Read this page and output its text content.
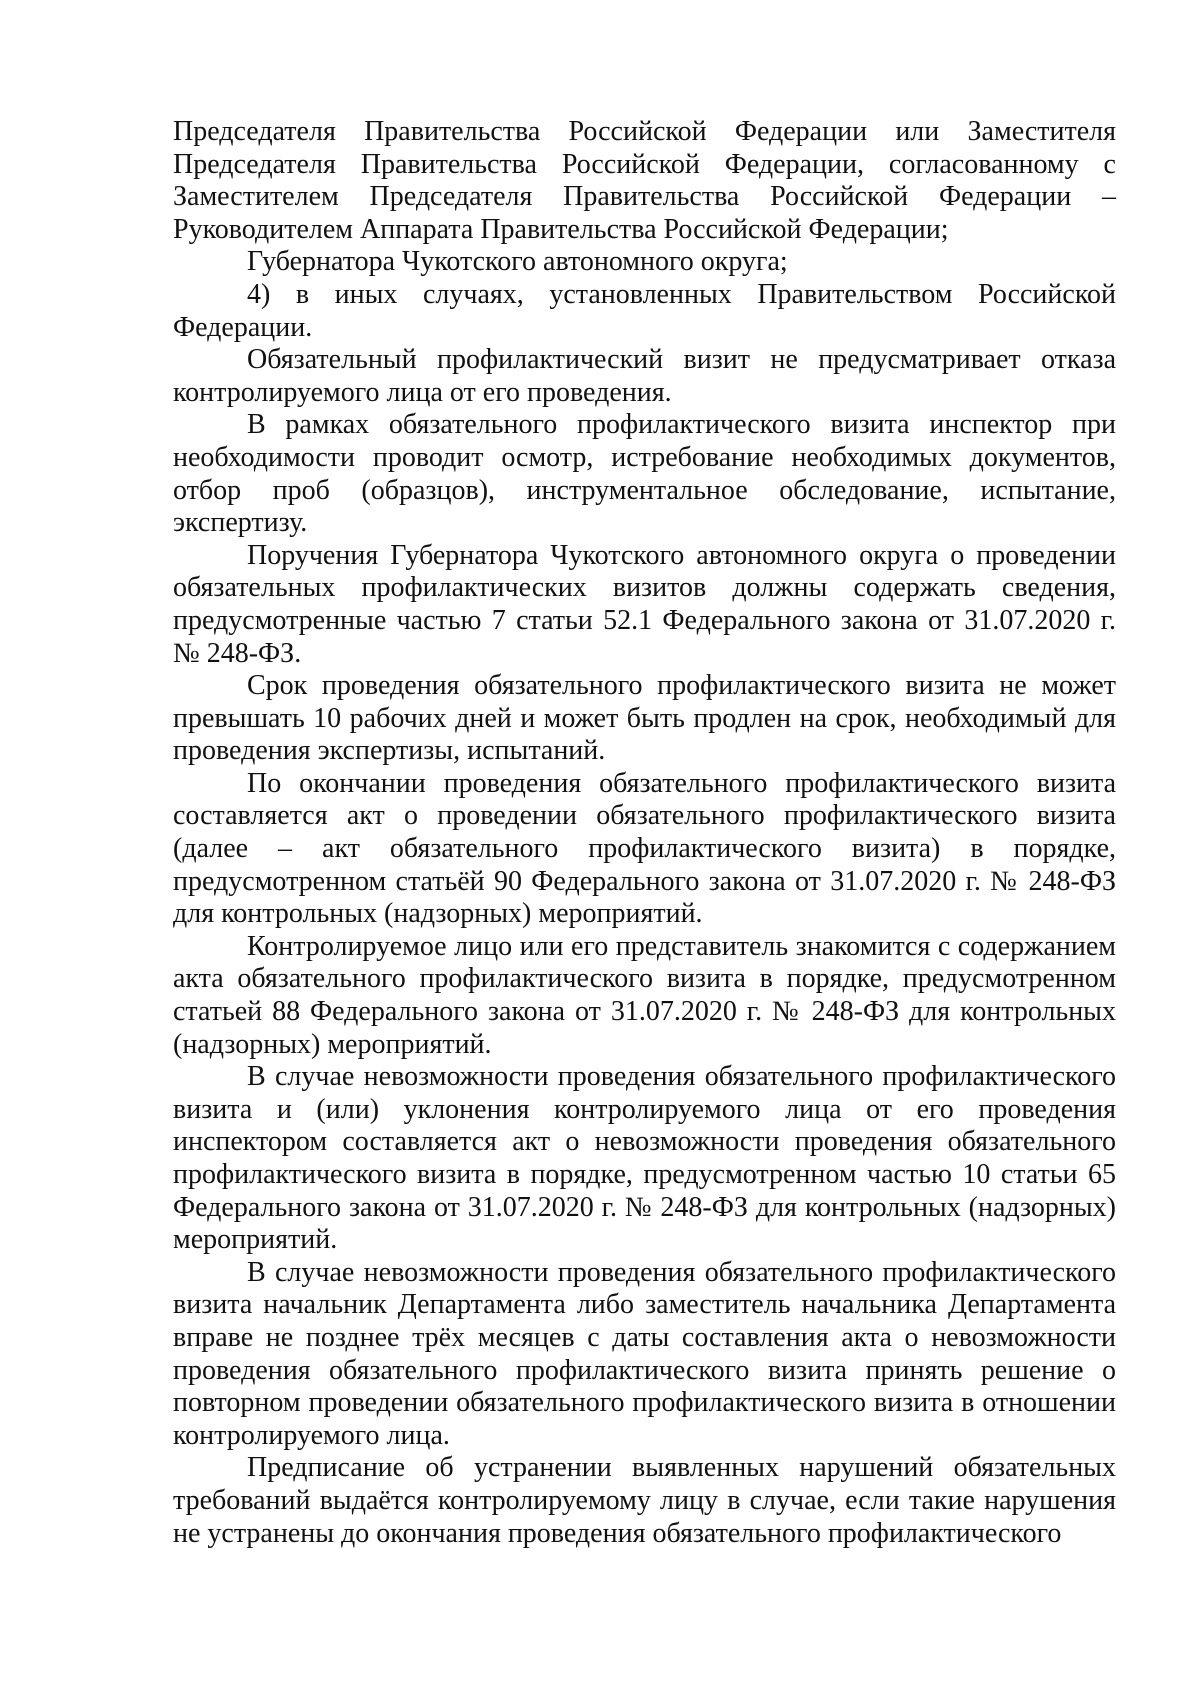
Председателя Правительства Российской Федерации или Заместителя Председателя Правительства Российской Федерации, согласованному с Заместителем Председателя Правительства Российской Федерации – Руководителем Аппарата Правительства Российской Федерации;

Губернатора Чукотского автономного округа;

4) в иных случаях, установленных Правительством Российской Федерации.

Обязательный профилактический визит не предусматривает отказа контролируемого лица от его проведения.

В рамках обязательного профилактического визита инспектор при необходимости проводит осмотр, истребование необходимых документов, отбор проб (образцов), инструментальное обследование, испытание, экспертизу.

Поручения Губернатора Чукотского автономного округа о проведении обязательных профилактических визитов должны содержать сведения, предусмотренные частью 7 статьи 52.1 Федерального закона от 31.07.2020 г. № 248-ФЗ.

Срок проведения обязательного профилактического визита не может превышать 10 рабочих дней и может быть продлен на срок, необходимый для проведения экспертизы, испытаний.

По окончании проведения обязательного профилактического визита составляется акт о проведении обязательного профилактического визита (далее – акт обязательного профилактического визита) в порядке, предусмотренном статьёй 90 Федерального закона от 31.07.2020 г. № 248-ФЗ для контрольных (надзорных) мероприятий.

Контролируемое лицо или его представитель знакомится с содержанием акта обязательного профилактического визита в порядке, предусмотренном статьей 88 Федерального закона от 31.07.2020 г. № 248-ФЗ для контрольных (надзорных) мероприятий.

В случае невозможности проведения обязательного профилактического визита и (или) уклонения контролируемого лица от его проведения инспектором составляется акт о невозможности проведения обязательного профилактического визита в порядке, предусмотренном частью 10 статьи 65 Федерального закона от 31.07.2020 г. № 248-ФЗ для контрольных (надзорных) мероприятий.

В случае невозможности проведения обязательного профилактического визита начальник Департамента либо заместитель начальника Департамента вправе не позднее трёх месяцев с даты составления акта о невозможности проведения обязательного профилактического визита принять решение о повторном проведении обязательного профилактического визита в отношении контролируемого лица.

Предписание об устранении выявленных нарушений обязательных требований выдаётся контролируемому лицу в случае, если такие нарушения не устранены до окончания проведения обязательного профилактического
